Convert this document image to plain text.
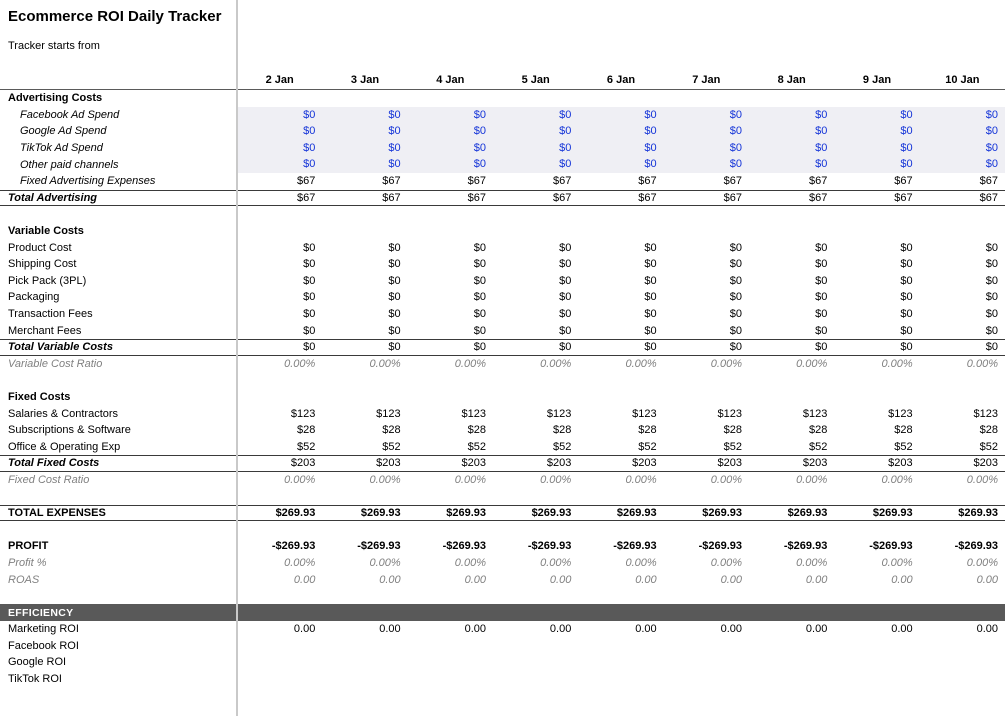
Ecommerce ROI Daily Tracker
Tracker starts from
2 Jan	3 Jan	4 Jan	5 Jan	6 Jan	7 Jan	8 Jan	9 Jan	10 Jan
Advertising Costs
Facebook Ad Spend	$0	$0	$0	$0	$0	$0	$0	$0	$0
Google Ad Spend	$0	$0	$0	$0	$0	$0	$0	$0	$0
TikTok Ad Spend	$0	$0	$0	$0	$0	$0	$0	$0	$0
Other paid channels	$0	$0	$0	$0	$0	$0	$0	$0	$0
Fixed Advertising Expenses	$67	$67	$67	$67	$67	$67	$67	$67	$67
Total Advertising	$67	$67	$67	$67	$67	$67	$67	$67	$67
Variable Costs
Product Cost	$0	$0	$0	$0	$0	$0	$0	$0	$0
Shipping Cost	$0	$0	$0	$0	$0	$0	$0	$0	$0
Pick Pack (3PL)	$0	$0	$0	$0	$0	$0	$0	$0	$0
Packaging	$0	$0	$0	$0	$0	$0	$0	$0	$0
Transaction Fees	$0	$0	$0	$0	$0	$0	$0	$0	$0
Merchant Fees	$0	$0	$0	$0	$0	$0	$0	$0	$0
Total Variable Costs	$0	$0	$0	$0	$0	$0	$0	$0	$0
Variable Cost Ratio	0.00%	0.00%	0.00%	0.00%	0.00%	0.00%	0.00%	0.00%	0.00%
Fixed Costs
Salaries & Contractors	$123	$123	$123	$123	$123	$123	$123	$123	$123
Subscriptions & Software	$28	$28	$28	$28	$28	$28	$28	$28	$28
Office & Operating Exp	$52	$52	$52	$52	$52	$52	$52	$52	$52
Total Fixed Costs	$203	$203	$203	$203	$203	$203	$203	$203	$203
Fixed Cost Ratio	0.00%	0.00%	0.00%	0.00%	0.00%	0.00%	0.00%	0.00%	0.00%
TOTAL EXPENSES	$269.93	$269.93	$269.93	$269.93	$269.93	$269.93	$269.93	$269.93	$269.93
PROFIT	-$269.93	-$269.93	-$269.93	-$269.93	-$269.93	-$269.93	-$269.93	-$269.93	-$269.93
Profit %	0.00%	0.00%	0.00%	0.00%	0.00%	0.00%	0.00%	0.00%	0.00%
ROAS	0.00	0.00	0.00	0.00	0.00	0.00	0.00	0.00	0.00
EFFICIENCY
Marketing ROI	0.00	0.00	0.00	0.00	0.00	0.00	0.00	0.00	0.00
Facebook ROI
Google ROI
TikTok ROI
